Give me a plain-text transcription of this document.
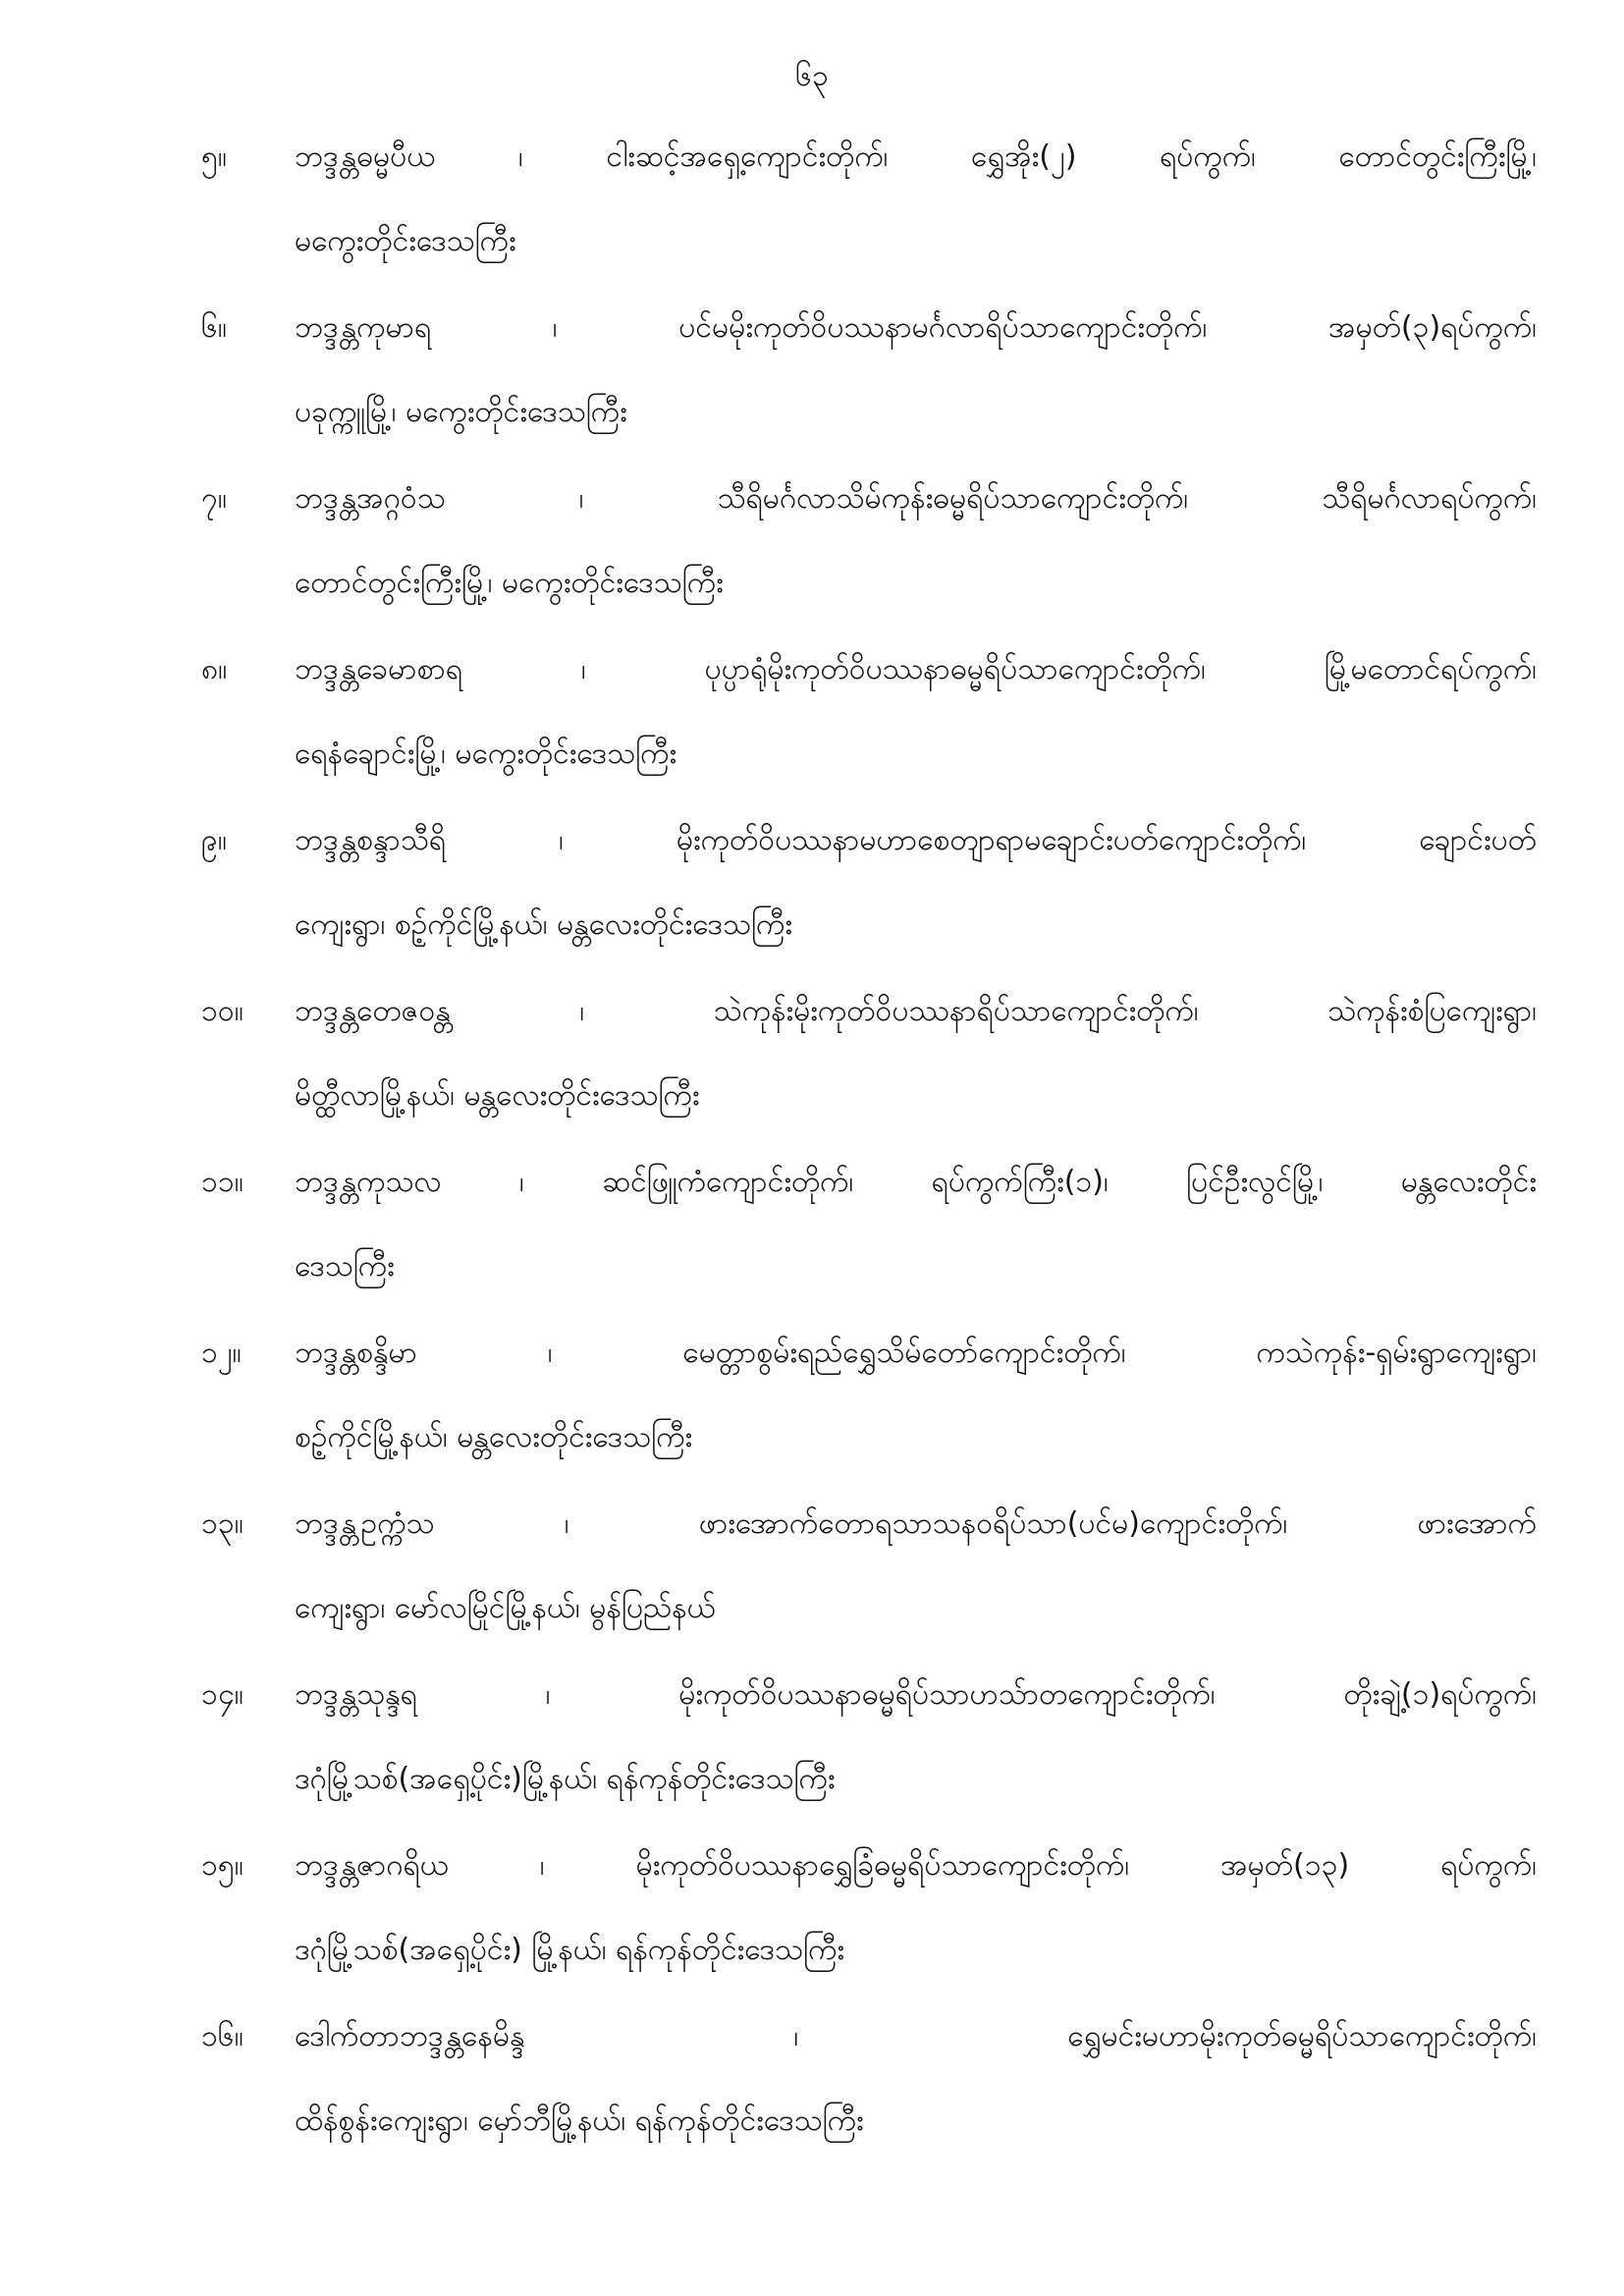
၆၃
၅။	ဘဒ္ဒန္တဓမ္မပီယ ၊ ငါးဆင့်အရှေ့ကျောင်းတိုက်၊ ရွှေအိုး(၂) ရပ်ကွက်၊ တောင်တွင်းကြီးမြို့၊
မကွေးတိုင်းဒေသကြီး
၆။	ဘဒ္ဒန္တကုမာရ ၊ ပင်မမိုးကုတ်ဝိပဿနာမင်္ဂလာရိပ်သာကျောင်းတိုက်၊ အမှတ်(၃)ရပ်ကွက်၊
ပခုက္ကူမြို့၊ မကွေးတိုင်းဒေသကြီး
၇။	ဘဒ္ဒန္တအဂ္ဂဝံသ ၊ သီရိမင်္ဂလာသိမ်ကုန်းဓမ္မရိပ်သာကျောင်းတိုက်၊ သီရိမင်္ဂလာရပ်ကွက်၊
တောင်တွင်းကြီးမြို့၊ မကွေးတိုင်းဒေသကြီး
၈။	ဘဒ္ဒန္တခေမာစာရ ၊ ပုပ္ပာရုံမိုးကုတ်ဝိပဿနာဓမ္မရိပ်သာကျောင်းတိုက်၊ မြို့မတောင်ရပ်ကွက်၊
ရေနံချောင်းမြို့၊ မကွေးတိုင်းဒေသကြီး
၉။	ဘဒ္ဒန္တစန္ဒာသီရိ ၊ မိုးကုတ်ဝိပဿနာမဟာစေတျာရာမချောင်းပတ်ကျောင်းတိုက်၊ ချောင်းပတ်
ကျေးရွာ၊ စဉ့်ကိုင်မြို့နယ်၊ မန္တလေးတိုင်းဒေသကြီး
၁၀။	ဘဒ္ဒန္တတေဇဝန္တ ၊ သဲကုန်းမိုးကုတ်ဝိပဿနာရိပ်သာကျောင်းတိုက်၊ သဲကုန်းစံပြကျေးရွာ၊
မိတ္ထီလာမြို့နယ်၊ မန္တလေးတိုင်းဒေသကြီး
၁၁။	ဘဒ္ဒန္တကုသလ ၊ ဆင်ဖြူကံကျောင်းတိုက်၊ ရပ်ကွက်ကြီး(၁)၊ ပြင်ဦးလွင်မြို့၊ မန္တလေးတိုင်း
ဒေသကြီး
၁၂။	ဘဒ္ဒန္တစန္ဒိမာ ၊ မေတ္တာစွမ်းရည်ရွှေသိမ်တော်ကျောင်းတိုက်၊ ကသဲကုန်း-ရှမ်းရွာကျေးရွာ၊
စဉ့်ကိုင်မြို့နယ်၊ မန္တလေးတိုင်းဒေသကြီး
၁၃။	ဘဒ္ဒန္တဥက္ကံသ ၊ ဖားအောက်တောရသာသနဝရိပ်သာ(ပင်မ)ကျောင်းတိုက်၊ ဖားအောက်
ကျေးရွာ၊ မော်လမြိုင်မြို့နယ်၊ မွန်ပြည်နယ်
၁၄။	ဘဒ္ဒန္တသုန္ဒရ ၊ မိုးကုတ်ဝိပဿနာဓမ္မရိပ်သာဟသ်ာတကျောင်းတိုက်၊ တိုးချဲ့(၁)ရပ်ကွက်၊
ဒဂုံမြို့သစ်(အရှေ့ပိုင်း)မြို့နယ်၊ ရန်ကုန်တိုင်းဒေသကြီး
၁၅။	ဘဒ္ဒန္တဇာဂရိယ ၊ မိုးကုတ်ဝိပဿနာရွှေခြံဓမ္မရိပ်သာကျောင်းတိုက်၊ အမှတ်(၁၃) ရပ်ကွက်၊
ဒဂုံမြို့သစ်(အရှေ့ပိုင်း) မြို့နယ်၊ ရန်ကုန်တိုင်းဒေသကြီး
၁၆။	ဒေါက်တာဘဒ္ဒန္တနေမိန္ဒ ၊ ရွှေမင်းမဟာမိုးကုတ်ဓမ္မရိပ်သာကျောင်းတိုက်၊
ထိန်စွန်းကျေးရွာ၊ မှော်ဘီမြို့နယ်၊ ရန်ကုန်တိုင်းဒေသကြီး
